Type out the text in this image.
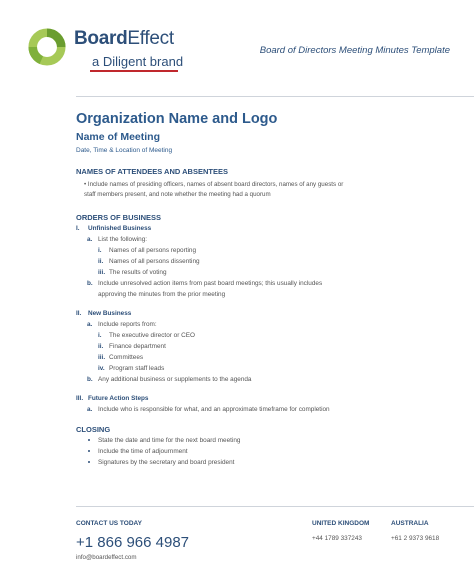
BoardEffect
a Diligent brand
Board of Directors Meeting Minutes Template
Organization Name and Logo
Name of Meeting
Date, Time & Location of Meeting
NAMES OF ATTENDEES AND ABSENTEES
• Include names of presiding officers, names of absent board directors, names of any guests or staff members present, and note whether the meeting had a quorum
ORDERS OF BUSINESS
I. Unfinished Business
a. List the following:
i. Names of all persons reporting
ii. Names of all persons dissenting
iii. The results of voting
b. Include unresolved action items from past board meetings; this usually includes approving the minutes from the prior meeting
II. New Business
a. Include reports from:
i. The executive director or CEO
ii. Finance department
iii. Committees
iv. Program staff leads
b. Any additional business or supplements to the agenda
III. Future Action Steps
a. Include who is responsible for what, and an approximate timeframe for completion
CLOSING
State the date and time for the next board meeting
Include the time of adjournment
Signatures by the secretary and board president
CONTACT US TODAY
+1 866 966 4987
info@boardeffect.com
UNITED KINGDOM
+44 1789 337243
AUSTRALIA
+61 2 9373 9618
